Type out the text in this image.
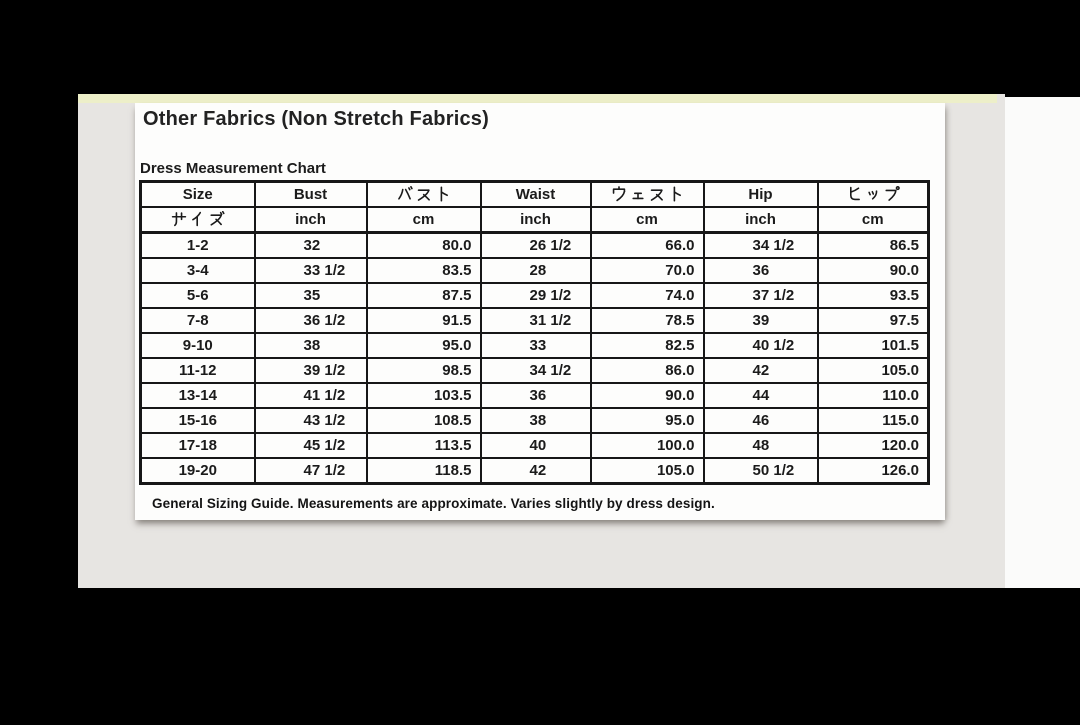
Other Fabrics (Non Stretch Fabrics)
Dress Measurement Chart
Size	Bust		Waist		Hip	
	inch	cm	inch	cm	inch	cm
1-2	32	80.0	26 1/2	66.0	34 1/2	86.5
3-4	33 1/2	83.5	28	70.0	36	90.0
5-6	35	87.5	29 1/2	74.0	37 1/2	93.5
7-8	36 1/2	91.5	31 1/2	78.5	39	97.5
9-10	38	95.0	33	82.5	40 1/2	101.5
11-12	39 1/2	98.5	34 1/2	86.0	42	105.0
13-14	41 1/2	103.5	36	90.0	44	110.0
15-16	43 1/2	108.5	38	95.0	46	115.0
17-18	45 1/2	113.5	40	100.0	48	120.0
19-20	47 1/2	118.5	42	105.0	50 1/2	126.0
General Sizing Guide. Measurements are approximate. Varies slightly by dress design.
